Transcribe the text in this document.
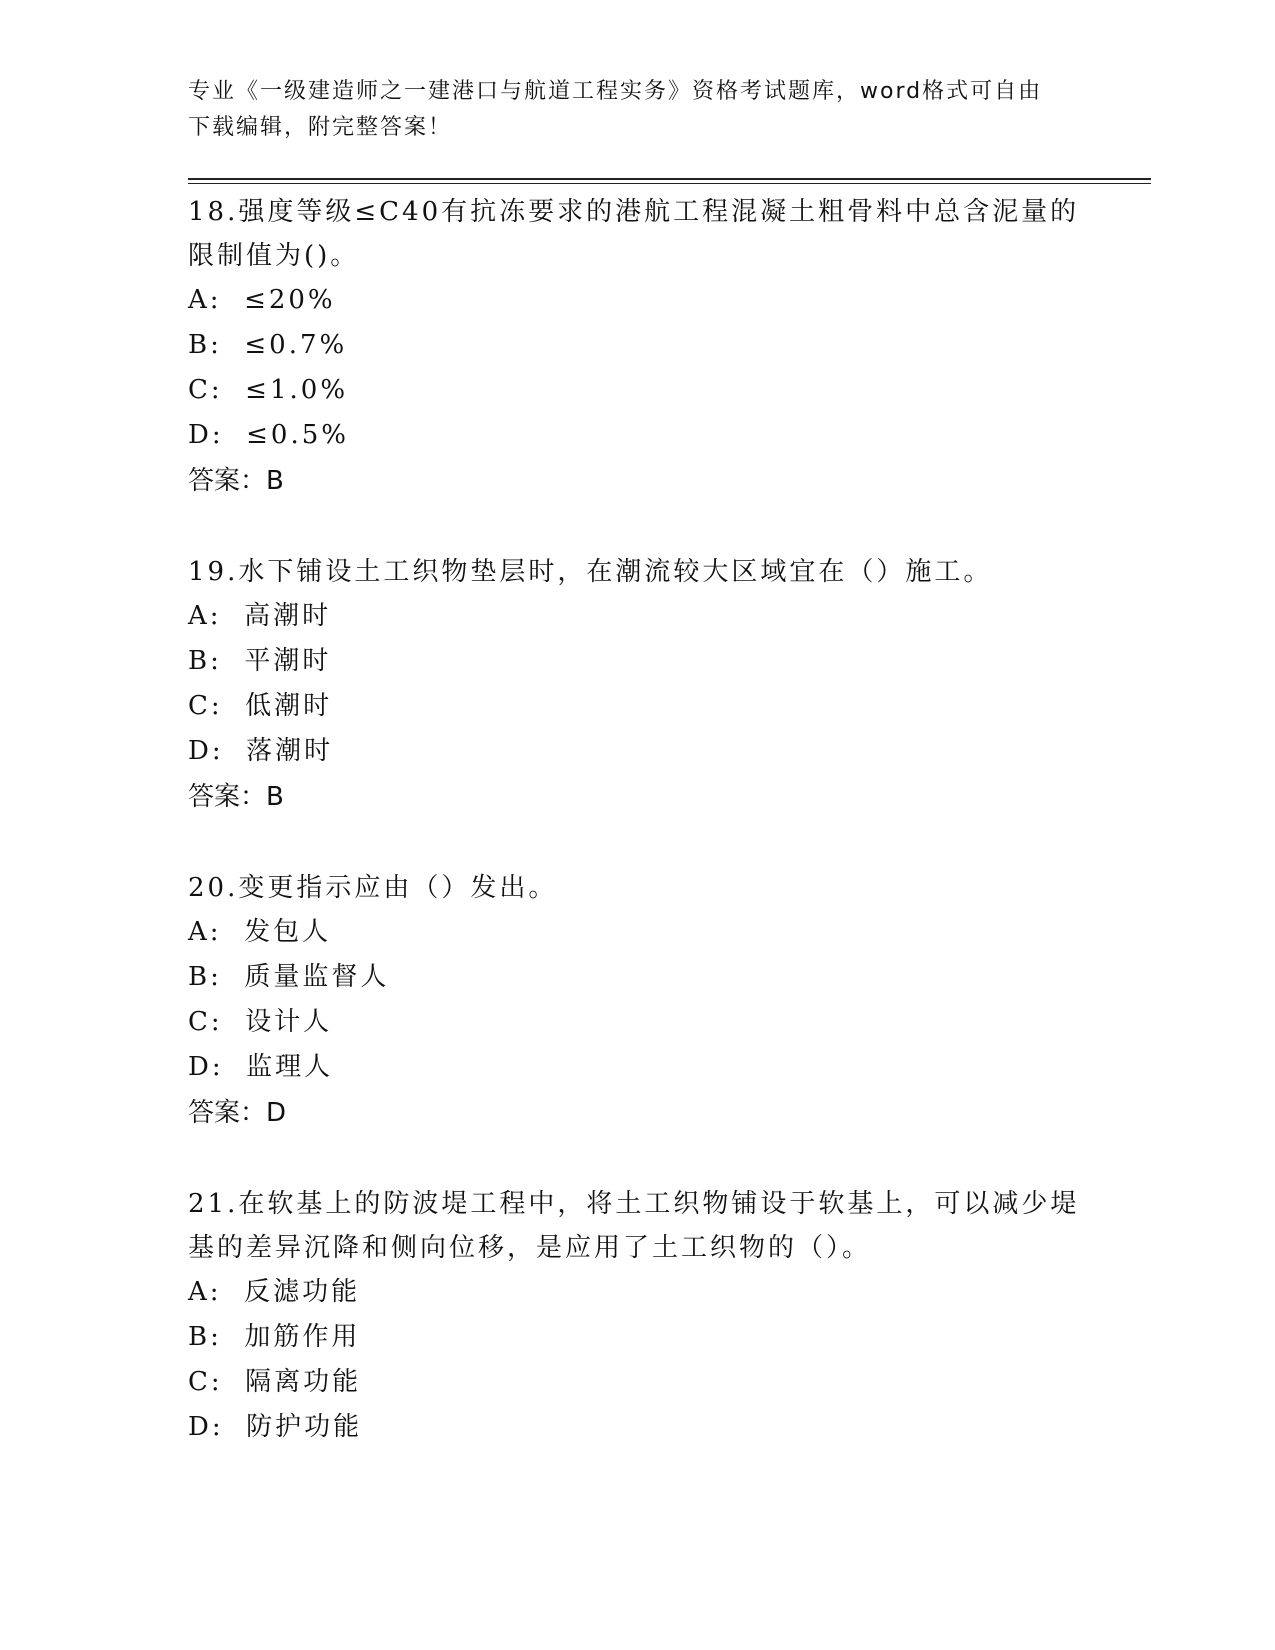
专业《一级建造师之一建港口与航道工程实务》资格考试题库，word格式可自由
下载编辑，附完整答案！

18.强度等级≤C40有抗冻要求的港航工程混凝土粗骨料中总含泥量的

限制值为()。

A:  ≤20%

B:  ≤0.7%

C:  ≤1.0%

D:  ≤0.5%

答案：B

19.水下铺设土工织物垫层时，在潮流较大区域宜在（）施工。

A:  高潮时

B:  平潮时

C:  低潮时

D:  落潮时

答案：B

20.变更指示应由（）发出。

A:  发包人

B:  质量监督人

C:  设计人

D:  监理人

答案：D

21.在软基上的防波堤工程中，将土工织物铺设于软基上，可以减少堤

基的差异沉降和侧向位移，是应用了土工织物的（）。

A:  反滤功能

B:  加筋作用

C:  隔离功能

D:  防护功能
